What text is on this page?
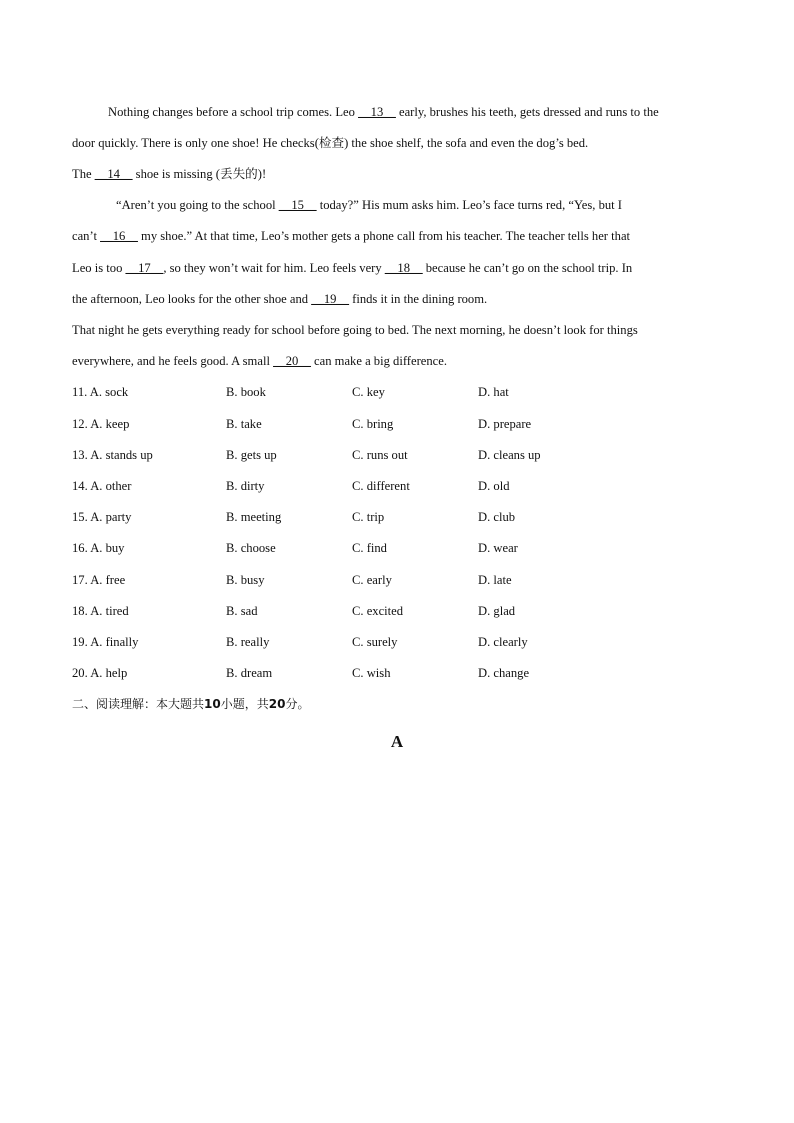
Nothing changes before a school trip comes. Leo __13__ early, brushes his teeth, gets dressed and runs to the
door quickly. There is only one shoe! He checks(检查) the shoe shelf, the sofa and even the dog’s bed.
The __14__ shoe is missing (丢失的)!
“Aren’t you going to the school __15__ today?” His mum asks him. Leo’s face turns red, “Yes, but I
can’t __16__ my shoe.” At that time, Leo’s mother gets a phone call from his teacher. The teacher tells her that
Leo is too __17__, so they won’t wait for him. Leo feels very __18__ because he can’t go on the school trip. In
the afternoon, Leo looks for the other shoe and __19__ finds it in the dining room.
That night he gets everything ready for school before going to bed. The next morning, he doesn’t look for things
everywhere, and he feels good. A small __20__ can make a big difference.
11. A. sock	B. book	C. key	D. hat
12. A. keep	B. take	C. bring	D. prepare
13. A. stands up	B. gets up	C. runs out	D. cleans up
14. A. other	B. dirty	C. different	D. old
15. A. party	B. meeting	C. trip	D. club
16. A. buy	B. choose	C. find	D. wear
17. A. free	B. busy	C. early	D. late
18. A. tired	B. sad	C. excited	D. glad
19. A. finally	B. really	C. surely	D. clearly
20. A. help	B. dream	C. wish	D. change
二、阅读理解：本大题共10小题，共20分。
A
